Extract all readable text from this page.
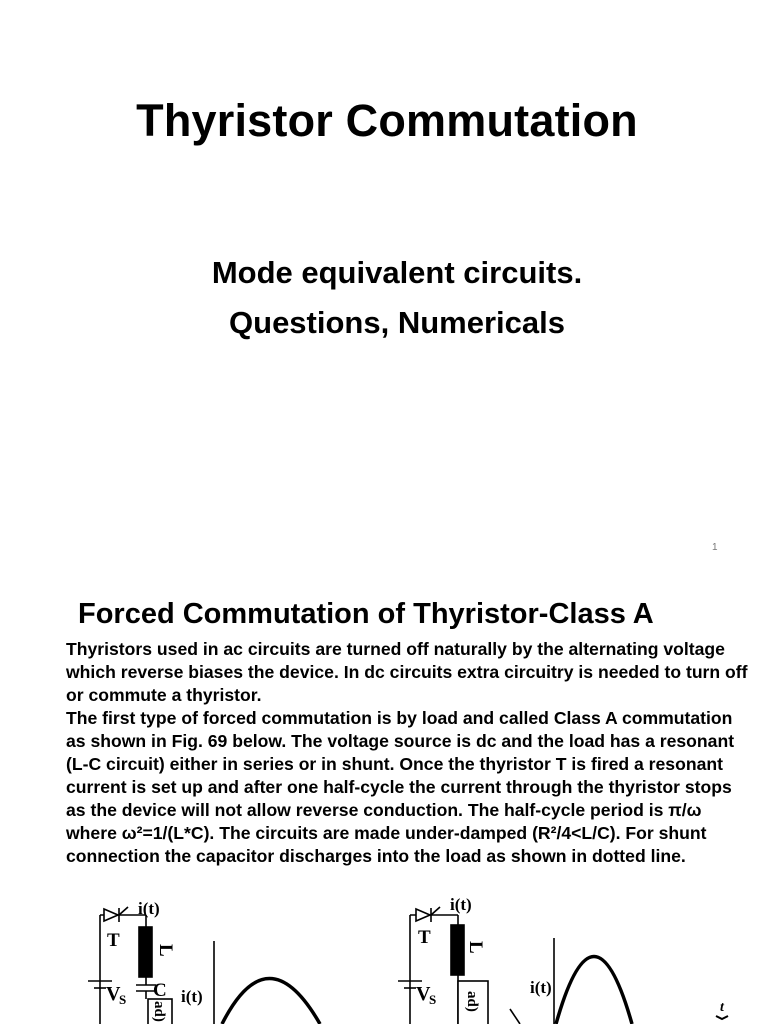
Thyristor Commutation
Mode equivalent circuits.
Questions, Numericals
1
Forced Commutation of Thyristor-Class A

Thyristors used in ac circuits are turned off naturally by the alternating voltage which reverse biases the device. In dc circuits extra circuitry is needed to turn off or commute a thyristor.

The first type of forced commutation is by load and called Class A commutation as shown in Fig. 69 below. The voltage source is dc and the load has a resonant (L-C circuit) either in series or in shunt. Once the thyristor T is fired a resonant current is set up and after one half-cycle the current through the thyristor stops as the device will not allow reverse conduction. The half-cycle period is π/ω where ω²=1/(L*C). The circuits are made under-damped (R²/4<L/C). For shunt connection the capacitor discharges into the load as shown in dotted line.

i(t)
T L
C
V
S
ad)
i(t)
i(t)
T L
V
S ad)
i(t)
t
